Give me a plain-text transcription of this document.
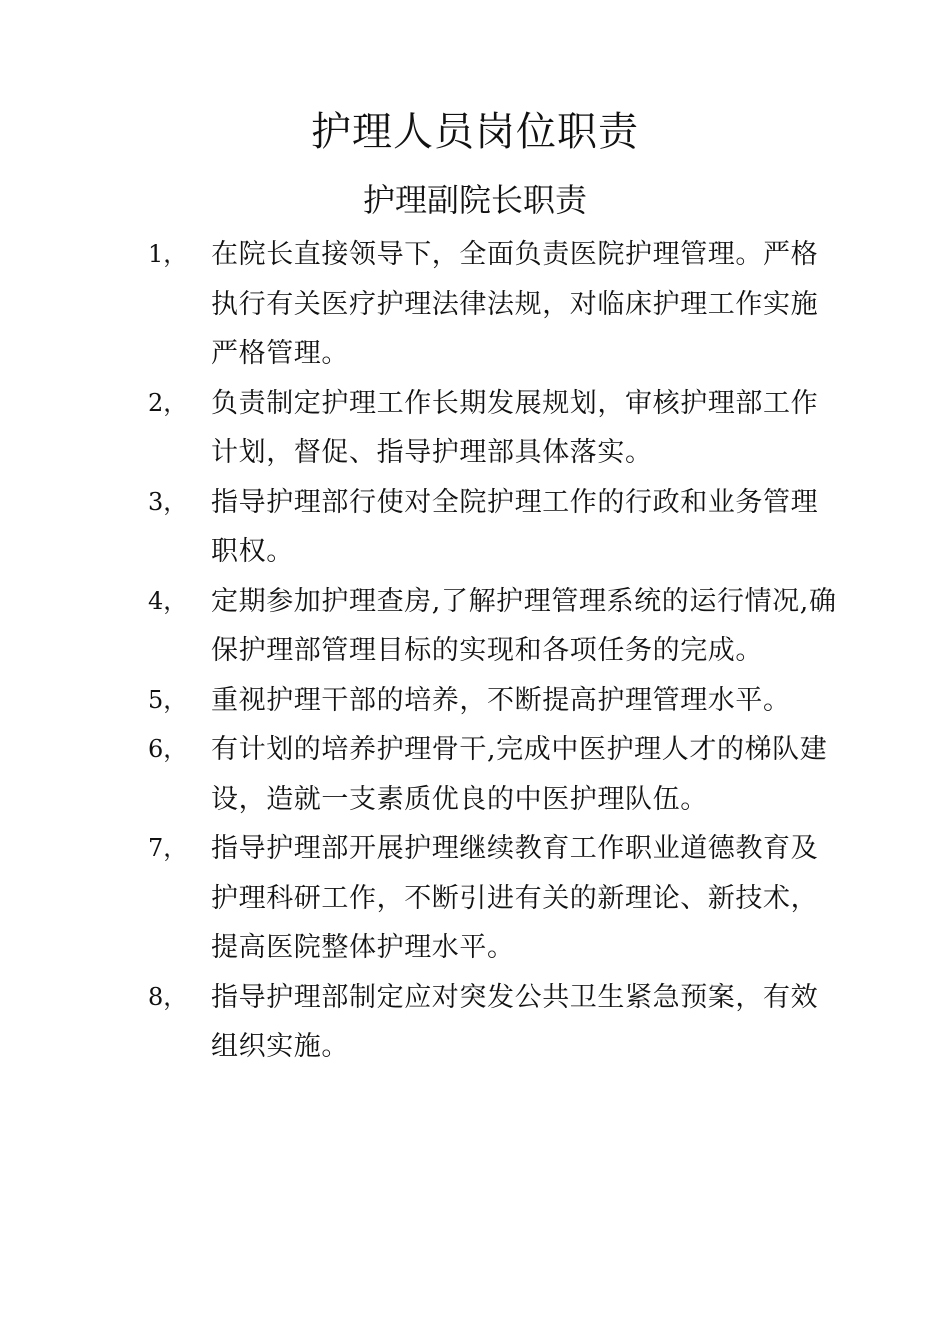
护理人员岗位职责
护理副院长职责
1， 在院长直接领导下，全面负责医院护理管理。严格执行有关医疗护理法律法规，对临床护理工作实施严格管理。
2， 负责制定护理工作长期发展规划，审核护理部工作计划，督促、指导护理部具体落实。
3， 指导护理部行使对全院护理工作的行政和业务管理职权。
4， 定期参加护理查房,了解护理管理系统的运行情况,确保护理部管理目标的实现和各项任务的完成。
5， 重视护理干部的培养，不断提高护理管理水平。
6， 有计划的培养护理骨干,完成中医护理人才的梯队建设，造就一支素质优良的中医护理队伍。
7， 指导护理部开展护理继续教育工作职业道德教育及护理科研工作，不断引进有关的新理论、新技术，提高医院整体护理水平。
8， 指导护理部制定应对突发公共卫生紧急预案，有效组织实施。
